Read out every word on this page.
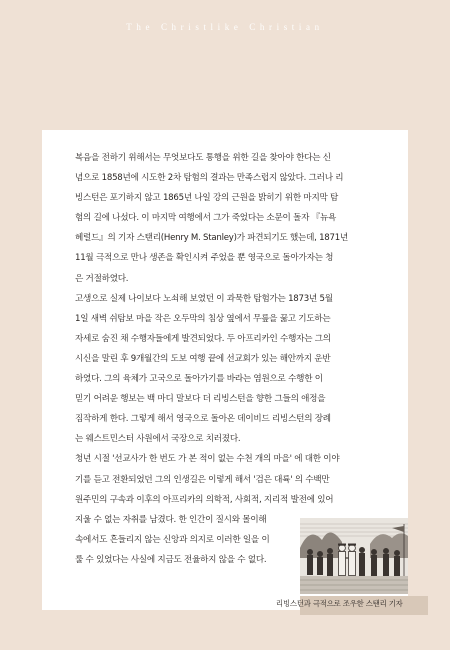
The Christlike Christian

복음을 전하기 위해서는 무엇보다도 통행을 위한 길을 찾아야 한다는 신
념으로 1858년에 시도한 2차 탐험의 결과는 만족스럽지 않았다. 그러나 리
빙스턴은 포기하지 않고 1865년 나일 강의 근원을 밝히기 위한 마지막 탐
험의 길에 나섰다. 이 마지막 여행에서 그가 죽었다는 소문이 돌자 『뉴욕
헤럴드』의 기자 스탠리(Henry M. Stanley)가 파견되기도 했는데, 1871년
11월 극적으로 만나 생존을 확인시켜 주었을 뿐 영국으로 돌아가자는 청
은 거절하였다.

고생으로 실제 나이보다 노쇠해 보였던 이 과묵한 탐험가는 1873년 5월
1일 새벽 쉬탐보 마을 작은 오두막의 침상 옆에서 무릎을 꿇고 기도하는
자세로 숨진 채 수행자들에게 발견되었다. 두 아프리카인 수행자는 그의
시신을 말린 후 9개월간의 도보 여행 끝에 선교회가 있는 해안까지 운반
하였다. 그의 육체가 고국으로 돌아가기를 바라는 염원으로 수행한 이
믿기 어려운 행보는 백 마디 말보다 더 리빙스턴을 향한 그들의 애정을
짐작하게 한다. 그렇게 해서 영국으로 돌아온 데이비드 리빙스턴의 장례
는 웨스트민스터 사원에서 국장으로 치러졌다.

청년 시절 '선교사가 한 번도 가 본 적이 없는 수천 개의 마을' 에 대한 이야
기를 듣고 전환되었던 그의 인생길은 이렇게 해서 '검은 대륙' 의 수백만
원주민의 구속과 이후의 아프리카의 의학적, 사회적, 지리적 발전에 있어
지울 수 없는 자취를 남겼다. 한 인간이 질시와 몰이해
속에서도 흔들리지 않는 신앙과 의지로 이러한 일을 이
룰 수 있었다는 사실에 지금도 전율하지 않을 수 없다.

리빙스턴과 극적으로 조우한 스탠리 기자
